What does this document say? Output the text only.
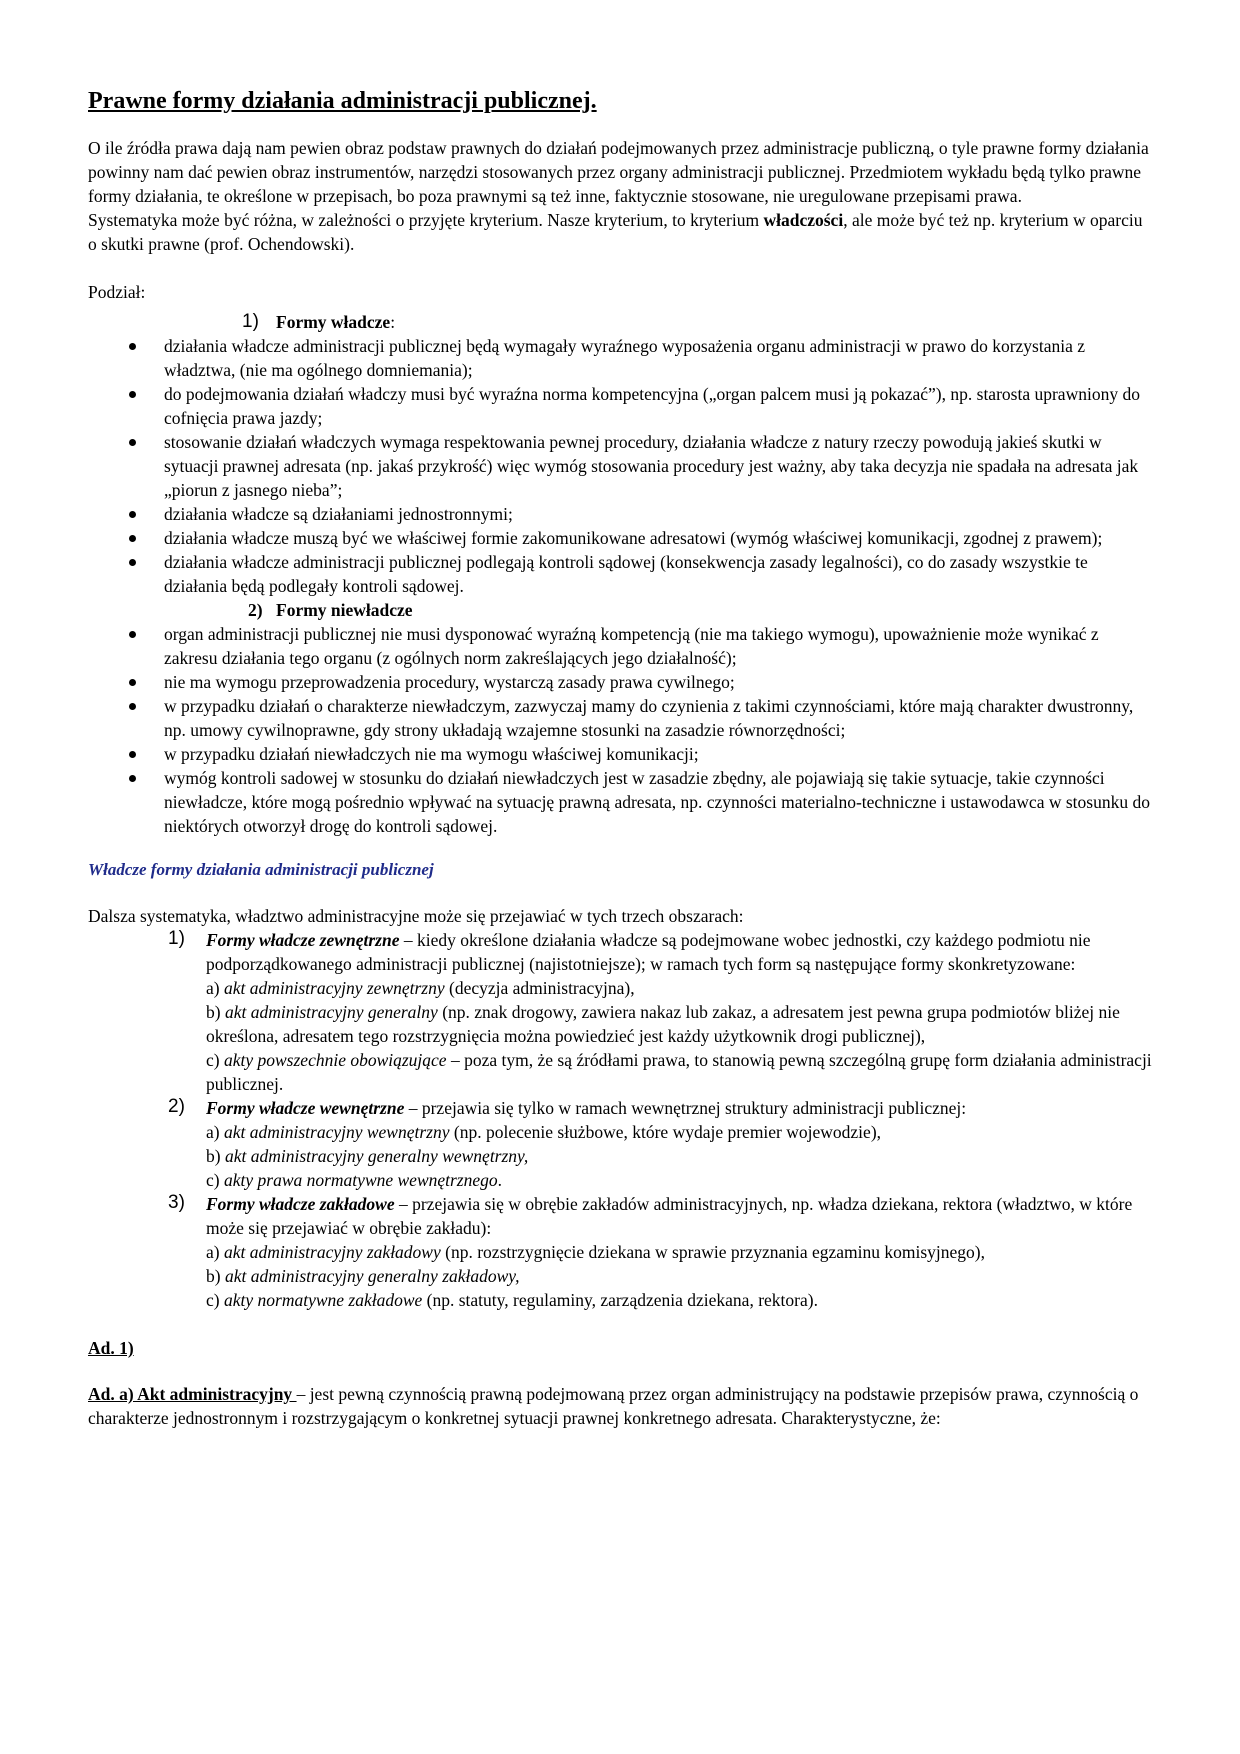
Prawne formy działania administracji publicznej.

O ile źródła prawa dają nam pewien obraz podstaw prawnych do działań podejmowanych przez administracje publiczną, o tyle prawne formy działania powinny nam dać pewien obraz instrumentów, narzędzi stosowanych przez organy administracji publicznej. Przedmiotem wykładu będą tylko prawne formy działania, te określone w przepisach, bo poza prawnymi są też inne, faktycznie stosowane, nie uregulowane przepisami prawa.

Systematyka może być różna, w zależności o przyjęte kryterium. Nasze kryterium, to kryterium władczości, ale może być też np. kryterium w oparciu o skutki prawne (prof. Ochendowski).

Podział:

1) Formy władcze:

działania władcze administracji publicznej będą wymagały wyraźnego wyposażenia organu administracji w prawo do korzystania z władztwa, (nie ma ogólnego domniemania);
do podejmowania działań władczy musi być wyraźna norma kompetencyjna („organ palcem musi ją pokazać”), np. starosta uprawniony do cofnięcia prawa jazdy;
stosowanie działań władczych wymaga respektowania pewnej procedury, działania władcze z natury rzeczy powodują jakieś skutki w sytuacji prawnej adresata (np. jakaś przykrość) więc wymóg stosowania procedury jest ważny, aby taka decyzja nie spadała na adresata jak „piorun z jasnego nieba”;
działania władcze są działaniami jednostronnymi;
działania władcze muszą być we właściwej formie zakomunikowane adresatowi (wymóg właściwej komunikacji, zgodnej z prawem);
działania władcze administracji publicznej podlegają kontroli sądowej (konsekwencja zasady legalności), co do zasady wszystkie te działania będą podlegały kontroli sądowej.

2) Formy niewładcze

organ administracji publicznej nie musi dysponować wyraźną kompetencją (nie ma takiego wymogu), upoważnienie może wynikać z zakresu działania tego organu (z ogólnych norm zakreślających jego działalność);
nie ma wymogu przeprowadzenia procedury, wystarczą zasady prawa cywilnego;
w przypadku działań o charakterze niewładczym, zazwyczaj mamy do czynienia z takimi czynnościami, które mają charakter dwustronny, np. umowy cywilnoprawne, gdy strony układają wzajemne stosunki na zasadzie równorzędności;
w przypadku działań niewładczych nie ma wymogu właściwej komunikacji;
wymóg kontroli sadowej w stosunku do działań niewładczych jest w zasadzie zbędny, ale pojawiają się takie sytuacje, takie czynności niewładcze, które mogą pośrednio wpływać na sytuację prawną adresata, np. czynności materialno-techniczne i ustawodawca w stosunku do niektórych otworzył drogę do kontroli sądowej.

Władcze formy działania administracji publicznej

Dalsza systematyka, władztwo administracyjne może się przejawiać w tych trzech obszarach:

1) Formy władcze zewnętrzne – kiedy określone działania władcze są podejmowane wobec jednostki, czy każdego podmiotu nie podporządkowanego administracji publicznej (najistotniejsze); w ramach tych form są następujące formy skonkretyzowane:
a) akt administracyjny zewnętrzny (decyzja administracyjna),
b) akt administracyjny generalny (np. znak drogowy, zawiera nakaz lub zakaz, a adresatem jest pewna grupa podmiotów bliżej nie określona, adresatem tego rozstrzygnięcia można powiedzieć jest każdy użytkownik drogi publicznej),
c) akty powszechnie obowiązujące – poza tym, że są źródłami prawa, to stanowią pewną szczególną grupę form działania administracji publicznej.
2) Formy władcze wewnętrzne – przejawia się tylko w ramach wewnętrznej struktury administracji publicznej:
a) akt administracyjny wewnętrzny (np. polecenie służbowe, które wydaje premier wojewodzie),
b) akt administracyjny generalny wewnętrzny,
c) akty prawa normatywne wewnętrznego.
3) Formy władcze zakładowe – przejawia się w obrębie zakładów administracyjnych, np. władza dziekana, rektora (władztwo, w które może się przejawiać w obrębie zakładu):
a) akt administracyjny zakładowy (np. rozstrzygnięcie dziekana w sprawie przyznania egzaminu komisyjnego),
b) akt administracyjny generalny zakładowy,
c) akty normatywne zakładowe (np. statuty, regulaminy, zarządzenia dziekana, rektora).

Ad. 1)

Ad. a) Akt administracyjny – jest pewną czynnością prawną podejmowaną przez organ administrujący na podstawie przepisów prawa, czynnością o charakterze jednostronnym i rozstrzygającym o konkretnej sytuacji prawnej konkretnego adresata. Charakterystyczne, że:
